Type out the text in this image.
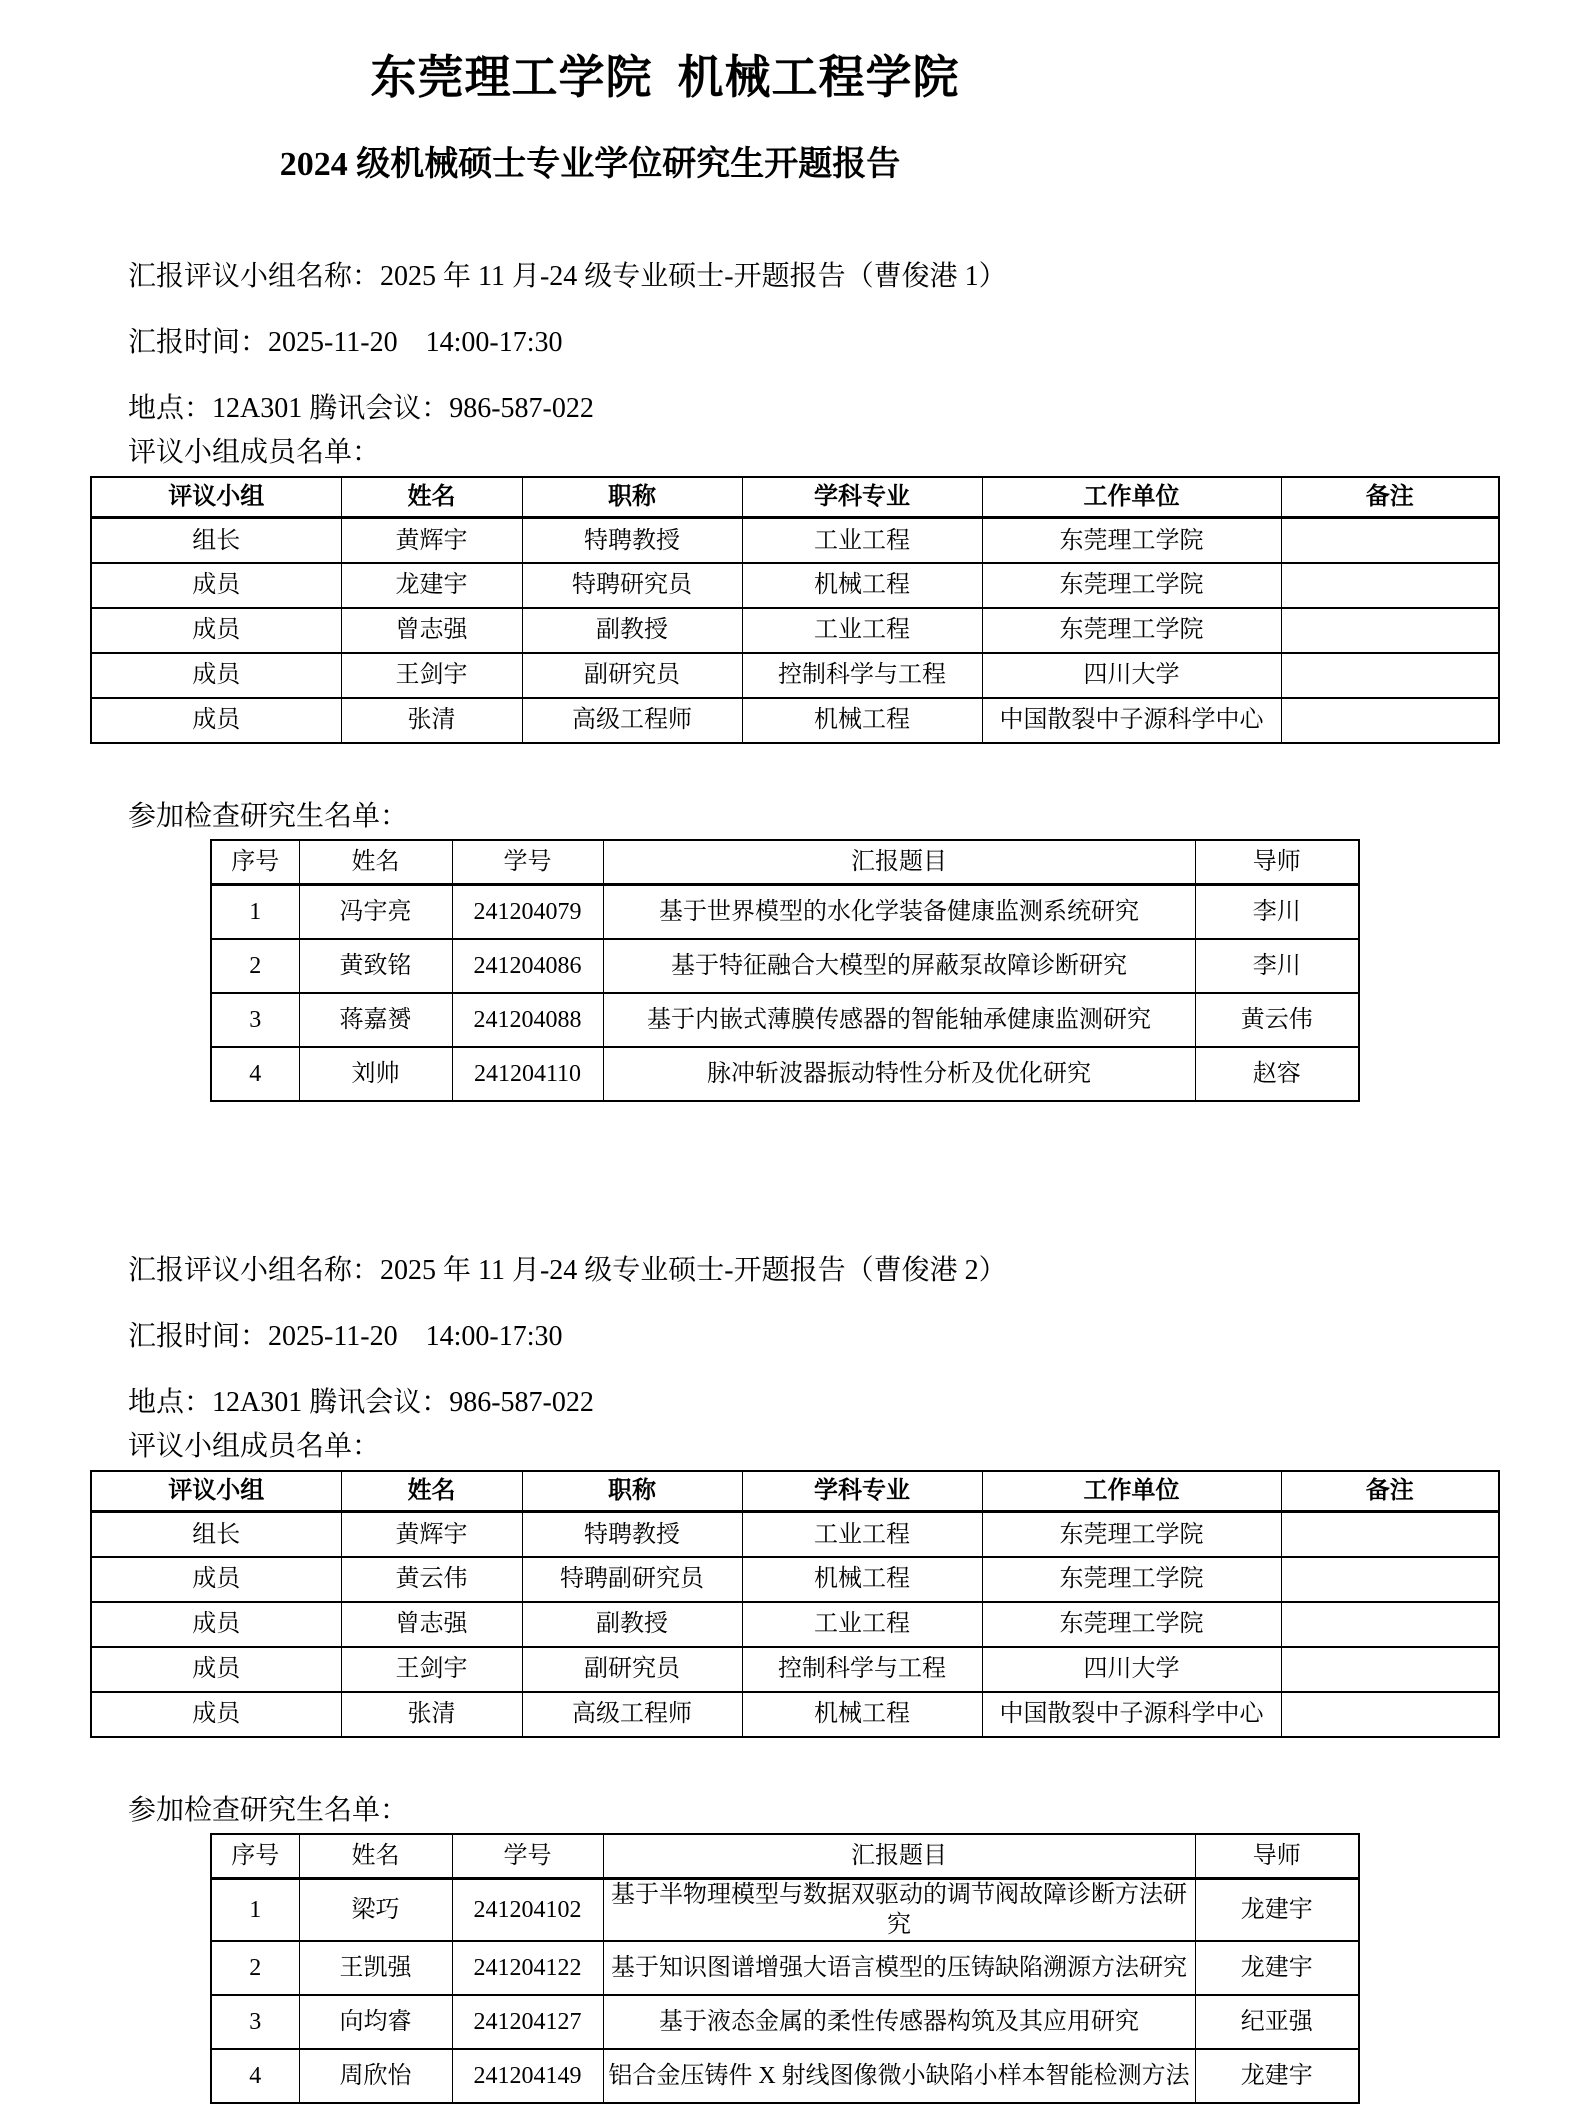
东莞理工学院  机械工程学院
2024 级机械硕士专业学位研究生开题报告

汇报评议小组名称：2025 年 11 月-24 级专业硕士-开题报告（曹俊港 1）

汇报时间：2025-11-20    14:00-17:30

地点：12A301 腾讯会议：986-587-022

评议小组成员名单：

评议小组	姓名	职称	学科专业	工作单位	备注
组长	黄辉宇	特聘教授	工业工程	东莞理工学院	
成员	龙建宇	特聘研究员	机械工程	东莞理工学院	
成员	曾志强	副教授	工业工程	东莞理工学院	
成员	王剑宇	副研究员	控制科学与工程	四川大学	
成员	张清	高级工程师	机械工程	中国散裂中子源科学中心	

参加检查研究生名单：

序号	姓名	学号	汇报题目	导师
1	冯宇亮	241204079	基于世界模型的水化学装备健康监测系统研究	李川
2	黄致铭	241204086	基于特征融合大模型的屏蔽泵故障诊断研究	李川
3	蒋嘉赟	241204088	基于内嵌式薄膜传感器的智能轴承健康监测研究	黄云伟
4	刘帅	241204110	脉冲斩波器振动特性分析及优化研究	赵容

汇报评议小组名称：2025 年 11 月-24 级专业硕士-开题报告（曹俊港 2）

汇报时间：2025-11-20    14:00-17:30

地点：12A301 腾讯会议：986-587-022

评议小组成员名单：

评议小组	姓名	职称	学科专业	工作单位	备注
组长	黄辉宇	特聘教授	工业工程	东莞理工学院	
成员	黄云伟	特聘副研究员	机械工程	东莞理工学院	
成员	曾志强	副教授	工业工程	东莞理工学院	
成员	王剑宇	副研究员	控制科学与工程	四川大学	
成员	张清	高级工程师	机械工程	中国散裂中子源科学中心	

参加检查研究生名单：

序号	姓名	学号	汇报题目	导师
1	梁巧	241204102	基于半物理模型与数据双驱动的调节阀故障诊断方法研究	龙建宇
2	王凯强	241204122	基于知识图谱增强大语言模型的压铸缺陷溯源方法研究	龙建宇
3	向均睿	241204127	基于液态金属的柔性传感器构筑及其应用研究	纪亚强
4	周欣怡	241204149	铝合金压铸件 X 射线图像微小缺陷小样本智能检测方法	龙建宇
